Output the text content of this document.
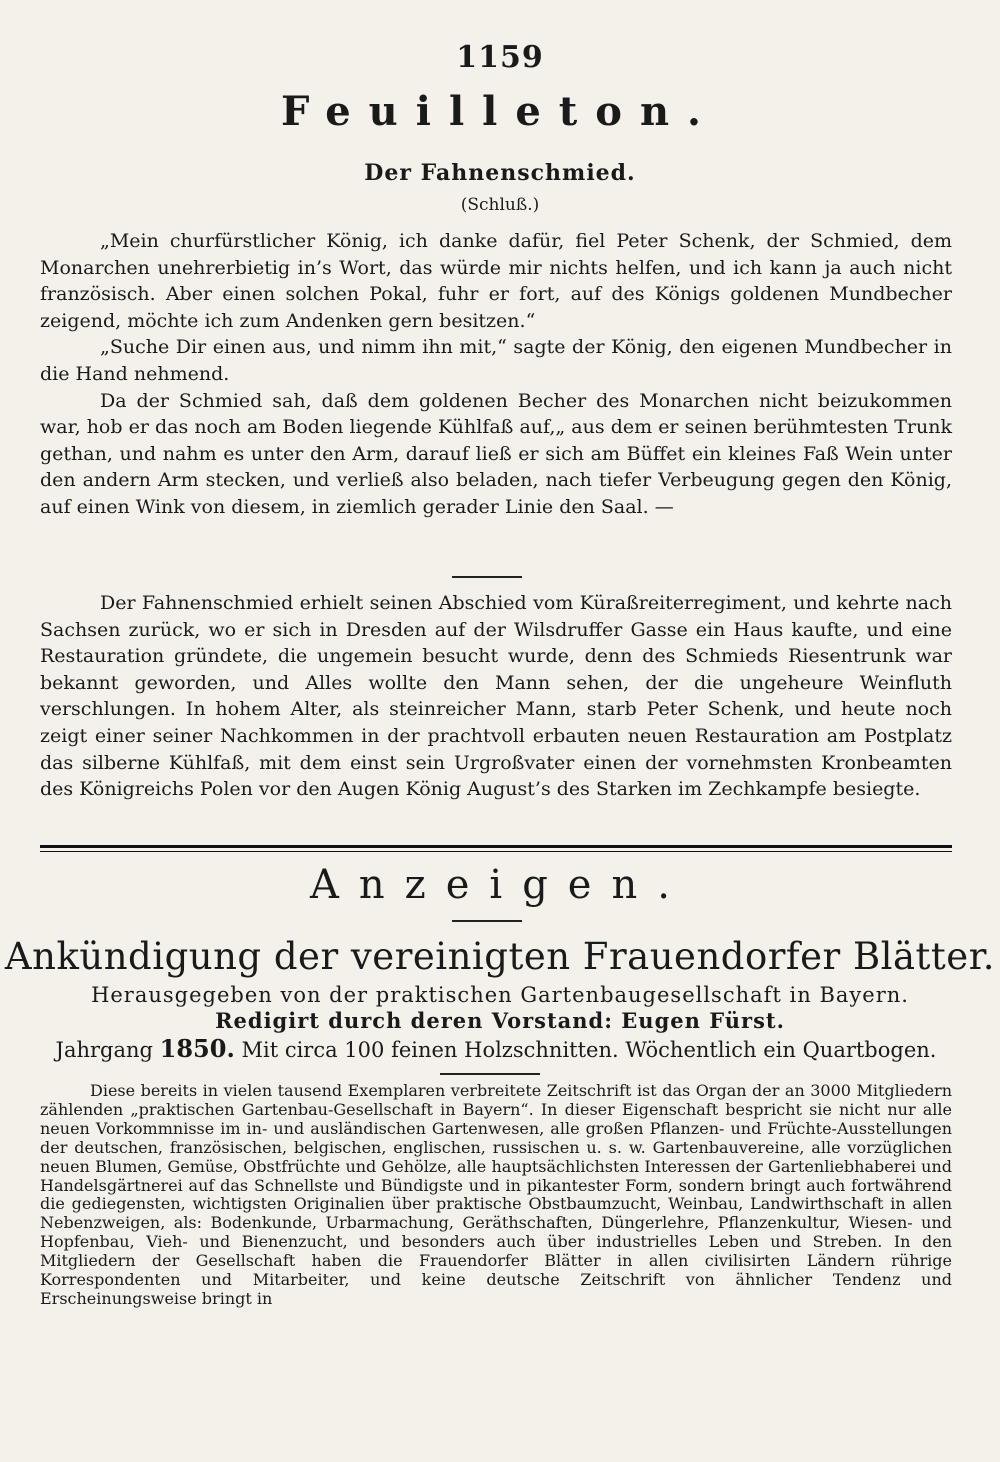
1159
Feuilleton.
Der Fahnenschmied.
(Schluß.)

„Mein churfürstlicher König, ich danke dafür, fiel Peter Schenk, der Schmied, dem Monarchen unehrerbietig in’s Wort, das würde mir nichts helfen, und ich kann ja auch nicht französisch. Aber einen solchen Pokal, fuhr er fort, auf des Königs goldenen Mundbecher zeigend, möchte ich zum Andenken gern besitzen.“

„Suche Dir einen aus, und nimm ihn mit,“ sagte der König, den eigenen Mundbecher in die Hand nehmend.

Da der Schmied sah, daß dem goldenen Becher des Monarchen nicht beizukommen war, hob er das noch am Boden liegende Kühlfaß auf,„ aus dem er seinen berühmtesten Trunk gethan, und nahm es unter den Arm, darauf ließ er sich am Büffet ein kleines Faß Wein unter den andern Arm stecken, und verließ also beladen, nach tiefer Verbeugung gegen den König, auf einen Wink von diesem, in ziemlich gerader Linie den Saal. —

Der Fahnenschmied erhielt seinen Abschied vom Küraßreiterregiment, und kehrte nach Sachsen zurück, wo er sich in Dresden auf der Wilsdruffer Gasse ein Haus kaufte, und eine Restauration gründete, die ungemein besucht wurde, denn des Schmieds Riesentrunk war bekannt geworden, und Alles wollte den Mann sehen, der die ungeheure Weinfluth verschlungen. In hohem Alter, als steinreicher Mann, starb Peter Schenk, und heute noch zeigt einer seiner Nachkommen in der prachtvoll erbauten neuen Restauration am Postplatz das silberne Kühlfaß, mit dem einst sein Urgroßvater einen der vornehmsten Kronbeamten des Königreichs Polen vor den Augen König August’s des Starken im Zechkampfe besiegte.

Anzeigen.
Ankündigung der vereinigten Frauendorfer Blätter.
Herausgegeben von der praktischen Gartenbaugesellschaft in Bayern.
Redigirt durch deren Vorstand: Eugen Fürst.
Jahrgang 1850. Mit circa 100 feinen Holzschnitten. Wöchentlich ein Quartbogen.

Diese bereits in vielen tausend Exemplaren verbreitete Zeitschrift ist das Organ der an 3000 Mitgliedern zählenden „praktischen Gartenbau-Gesellschaft in Bayern“. In dieser Eigenschaft bespricht sie nicht nur alle neuen Vorkommnisse im in- und ausländischen Gartenwesen, alle großen Pflanzen- und Früchte-Ausstellungen der deutschen, französischen, belgischen, englischen, russischen u. s. w. Gartenbauvereine, alle vorzüglichen neuen Blumen, Gemüse, Obstfrüchte und Gehölze, alle hauptsächlichsten Interessen der Gartenliebhaberei und Handelsgärtnerei auf das Schnellste und Bündigste und in pikantester Form, sondern bringt auch fortwährend die gediegensten, wichtigsten Originalien über praktische Obstbaumzucht, Weinbau, Landwirthschaft in allen Nebenzweigen, als: Bodenkunde, Urbarmachung, Geräthschaften, Düngerlehre, Pflanzenkultur, Wiesen- und Hopfenbau, Vieh- und Bienenzucht, und besonders auch über industrielles Leben und Streben. In den Mitgliedern der Gesellschaft haben die Frauendorfer Blätter in allen civilisirten Ländern rührige Korrespondenten und Mitarbeiter, und keine deutsche Zeitschrift von ähnlicher Tendenz und Erscheinungsweise bringt in
